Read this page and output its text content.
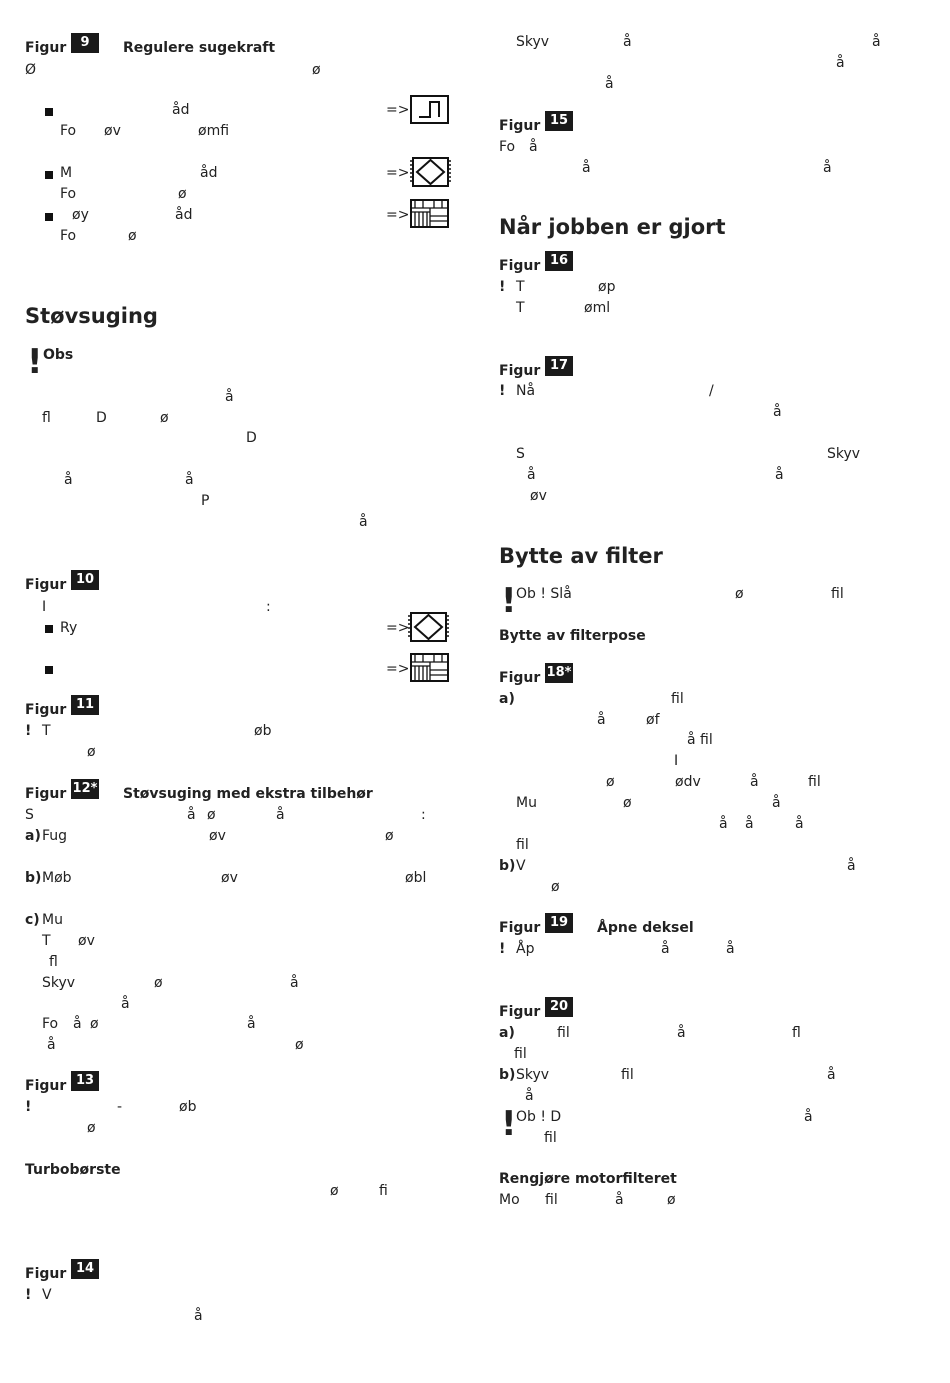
Figur	9	Regulere sugekraft
Ø	ø
åd	=>
Fo øv	ømfi
M	åd	=>
Fo	ø
øy	åd	=>
Fo	ø
Støvsuging
! Obs
å
fl	D	ø
D
å	å
P
å
Figur 10
I	:
Ry	=>
=>
Figur 11
! T	øb
ø
Figur 12* Støvsuging med ekstra tilbehør
S	å ø	å	:
a) Fug	øv	ø
b) Møb	øv	øbl
c) Mu
T øv
fl
Skyv	ø	å
å
Fo å ø	å
å	ø
Figur 13
!	-	øb
ø
Turbobørste
ø	fi
Figur 14
! V
å
Skyv	å	å
å
å
Figur 15
Fo å
å	å
Når jobben er gjort
Figur 16
! T	øp
T	øml
Figur 17
! Nå	/
å
S	Skyv
å	å
øv
Bytte av filter
! Ob ! Slå	ø	fil
Bytte av filterpose
Figur 18*
a)	fil
å	øf
å fil
I
ø	ødv	å	fil
Mu	ø	å
å å	å
fil
b) V	å
ø
Figur 19	Åpne deksel
! Åp	å	å
Figur 20
a)	fil	å	fl
fil
b) Skyv	fil	å
å
! Ob ! D	å
fil
Rengjøre motorfilteret
Mo fil	å	ø
